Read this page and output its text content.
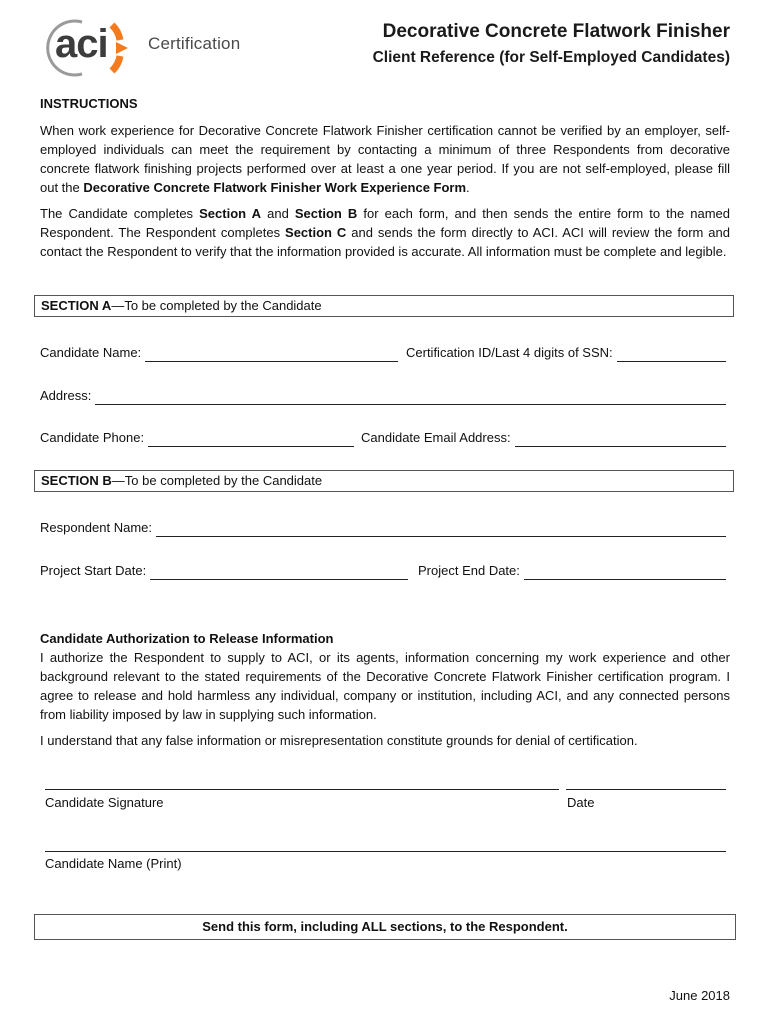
aci Certification
Decorative Concrete Flatwork Finisher
Client Reference (for Self-Employed Candidates)
INSTRUCTIONS
When work experience for Decorative Concrete Flatwork Finisher certification cannot be verified by an employer, self-employed individuals can meet the requirement by contacting a minimum of three Respondents from decorative concrete flatwork finishing projects performed over at least a one year period. If you are not self-employed, please fill out the Decorative Concrete Flatwork Finisher Work Experience Form.
The Candidate completes Section A and Section B for each form, and then sends the entire form to the named Respondent. The Respondent completes Section C and sends the form directly to ACI. ACI will review the form and contact the Respondent to verify that the information provided is accurate. All information must be complete and legible.
SECTION A—To be completed by the Candidate
Candidate Name:	Certification ID/Last 4 digits of SSN:
Address:
Candidate Phone:	Candidate Email Address:
SECTION B—To be completed by the Candidate
Respondent Name:
Project Start Date:	Project End Date:
Candidate Authorization to Release Information
I authorize the Respondent to supply to ACI, or its agents, information concerning my work experience and other background relevant to the stated requirements of the Decorative Concrete Flatwork Finisher certification program. I agree to release and hold harmless any individual, company or institution, including ACI, and any connected persons from liability imposed by law in supplying such information.
I understand that any false information or misrepresentation constitute grounds for denial of certification.
Candidate Signature	Date
Candidate Name (Print)
Send this form, including ALL sections, to the Respondent.
June 2018
